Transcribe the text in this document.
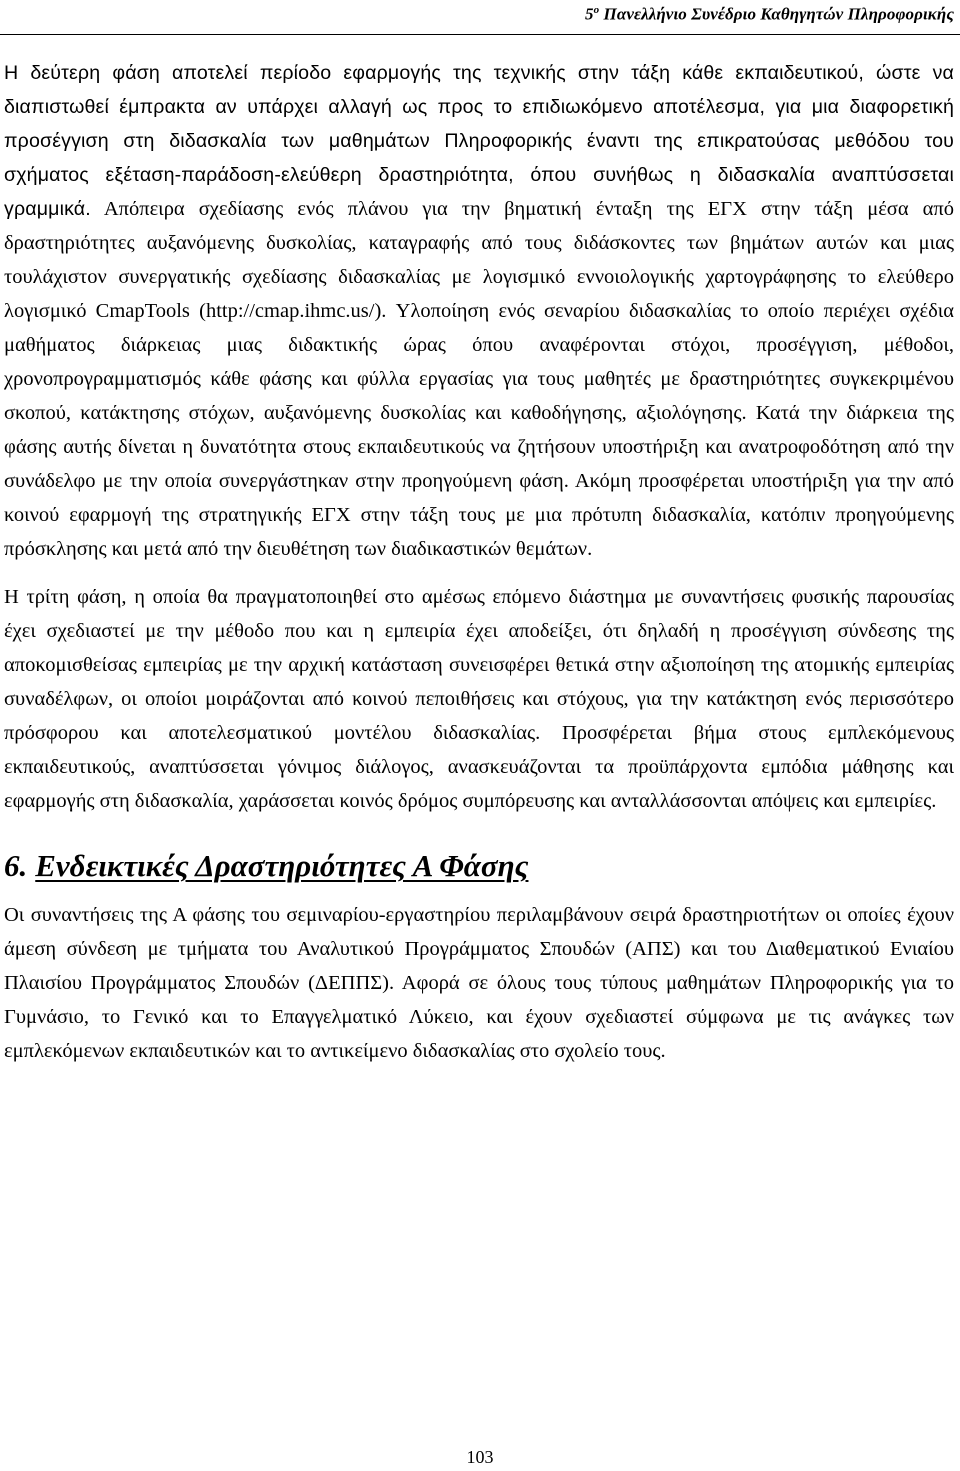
$5^o$ Πανελλήνιο Συνέδριο Καθηγητών Πληροφορικής

Η δεύτερη φάση αποτελεί περίοδο εφαρμογής της τεχνικής στην τάξη κάθε εκπαιδευτικού, ώστε να διαπιστωθεί έμπρακτα αν υπάρχει αλλαγή ως προς το επιδιωκόμενο αποτέλεσμα, για μια διαφορετική προσέγγιση στη διδασκαλία των μαθημάτων Πληροφορικής έναντι της επικρατούσας μεθόδου του σχήματος εξέταση-παράδοση-ελεύθερη δραστηριότητα, όπου συνήθως η διδασκαλία αναπτύσσεται γραμμικά. Απόπειρα σχεδίασης ενός πλάνου για την βηματική ένταξη της ΕΓΧ στην τάξη μέσα από δραστηριότητες αυξανόμενης δυσκολίας, καταγραφής από τους διδάσκοντες των βημάτων αυτών και μιας τουλάχιστον συνεργατικής σχεδίασης διδασκαλίας με λογισμικό εννοιολογικής χαρτογράφησης το ελεύθερο λογισμικό CmapTools (http://cmap.ihmc.us/). Υλοποίηση ενός σεναρίου διδασκαλίας το οποίο περιέχει σχέδια μαθήματος διάρκειας μιας διδακτικής ώρας όπου αναφέρονται στόχοι, προσέγγιση, μέθοδοι, χρονοπρογραμματισμός κάθε φάσης και φύλλα εργασίας για τους μαθητές με δραστηριότητες συγκεκριμένου σκοπού, κατάκτησης στόχων, αυξανόμενης δυσκολίας και καθοδήγησης, αξιολόγησης. Κατά την διάρκεια της φάσης αυτής δίνεται η δυνατότητα στους εκπαιδευτικούς να ζητήσουν υποστήριξη και ανατροφοδότηση από την συνάδελφο με την οποία συνεργάστηκαν στην προηγούμενη φάση. Ακόμη προσφέρεται υποστήριξη για την από κοινού εφαρμογή της στρατηγικής ΕΓΧ στην τάξη τους με μια πρότυπη διδασκαλία, κατόπιν προηγούμενης πρόσκλησης και μετά από την διευθέτηση των διαδικαστικών θεμάτων.

Η τρίτη φάση, η οποία θα πραγματοποιηθεί στο αμέσως επόμενο διάστημα με συναντήσεις φυσικής παρουσίας έχει σχεδιαστεί με την μέθοδο που και η εμπειρία έχει αποδείξει, ότι δηλαδή η προσέγγιση σύνδεσης της αποκομισθείσας εμπειρίας με την αρχική κατάσταση συνεισφέρει θετικά στην αξιοποίηση της ατομικής εμπειρίας συναδέλφων, οι οποίοι μοιράζονται από κοινού πεποιθήσεις και στόχους, για την κατάκτηση ενός περισσότερο πρόσφορου και αποτελεσματικού μοντέλου διδασκαλίας. Προσφέρεται βήμα στους εμπλεκόμενους εκπαιδευτικούς, αναπτύσσεται γόνιμος διάλογος, ανασκευάζονται τα προϋπάρχοντα εμπόδια μάθησης και εφαρμογής στη διδασκαλία, χαράσσεται κοινός δρόμος συμπόρευσης και ανταλλάσσονται απόψεις και εμπειρίες.

6. Ενδεικτικές Δραστηριότητες Α Φάσης

Οι συναντήσεις της Α φάσης του σεμιναρίου-εργαστηρίου περιλαμβάνουν σειρά δραστηριοτήτων οι οποίες έχουν άμεση σύνδεση με τμήματα του Αναλυτικού Προγράμματος Σπουδών (ΑΠΣ) και του Διαθεματικού Ενιαίου Πλαισίου Προγράμματος Σπουδών (ΔΕΠΠΣ). Αφορά σε όλους τους τύπους μαθημάτων Πληροφορικής για το Γυμνάσιο, το Γενικό και το Επαγγελματικό Λύκειο, και έχουν σχεδιαστεί σύμφωνα με τις ανάγκες των εμπλεκόμενων εκπαιδευτικών και το αντικείμενο διδασκαλίας στο σχολείο τους.

103
